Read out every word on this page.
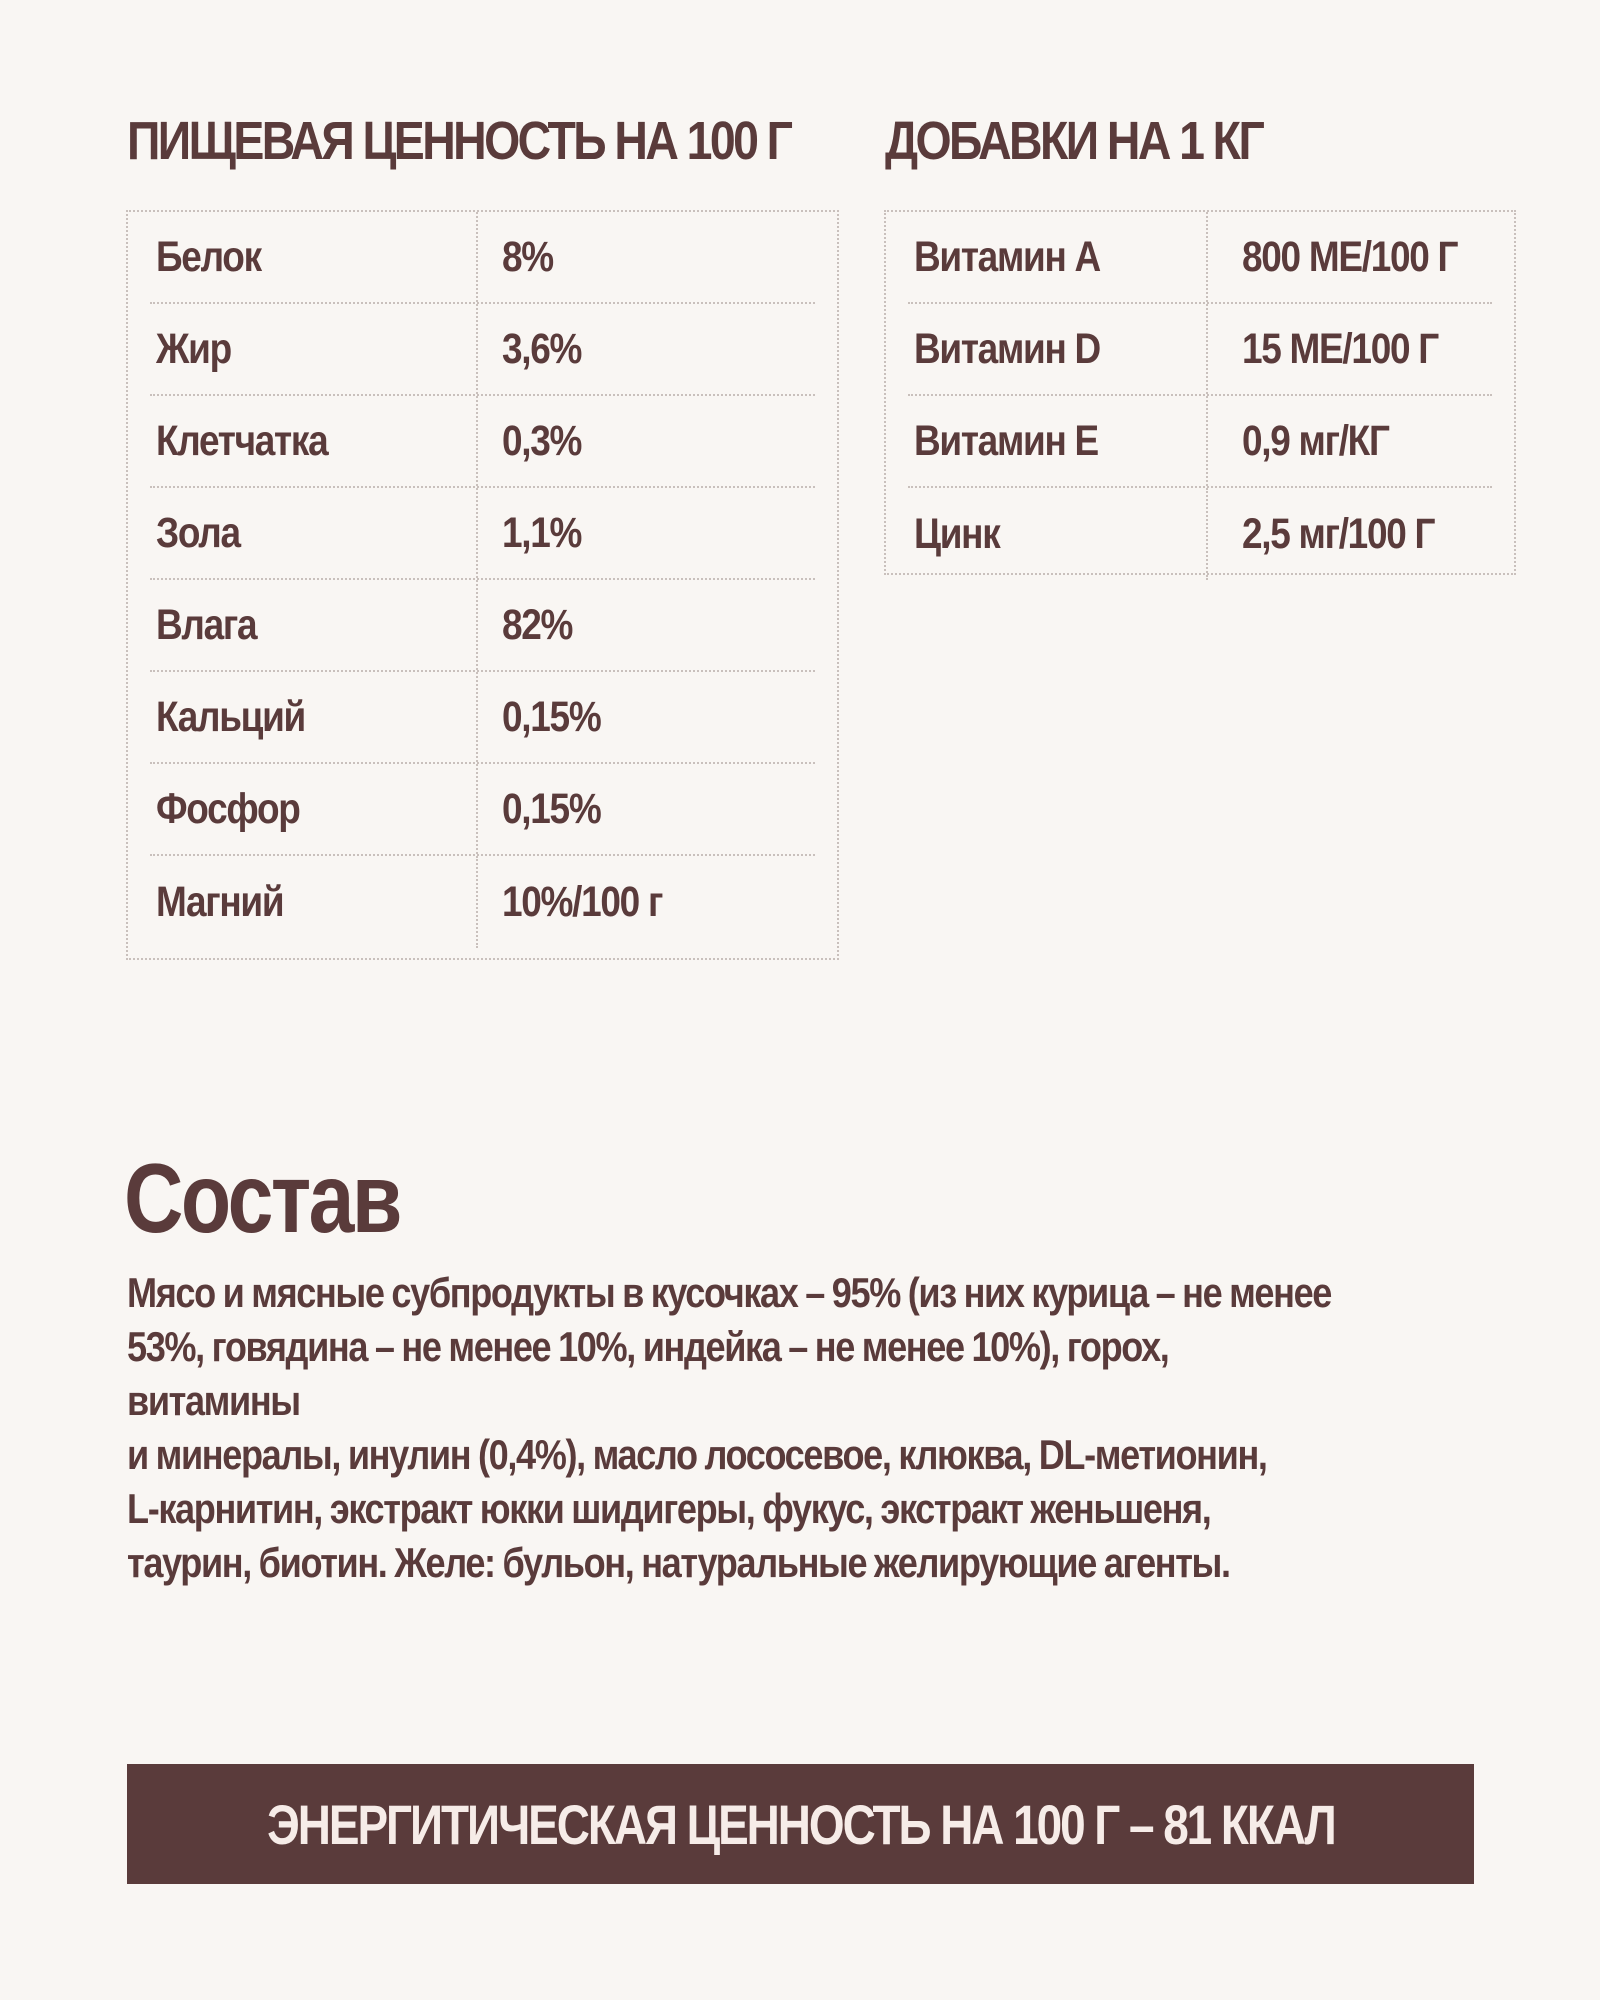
ПИЩЕВАЯ ЦЕННОСТЬ НА 100 Г ДОБАВКИ НА 1 КГ
Белок	8%
Жир	3,6%
Клетчатка	0,3%
Зола	1,1%
Влага	82%
Кальций	0,15%
Фосфор	0,15%
Магний	10%/100 г
Витамин А	800 МЕ/100 Г
Витамин D	15 МЕ/100 Г
Витамин Е	0,9 мг/КГ
Цинк	2,5 мг/100 Г
Состав

Мясо и мясные субпродукты в кусочках – 95% (из них курица – не менее
53%, говядина – не менее 10%, индейка – не менее 10%), горох, витамины
и минералы, инулин (0,4%), масло лососевое, клюква, DL-метионин,
L-карнитин, экстракт юкки шидигеры, фукус, экстракт женьшеня,
таурин, биотин. Желе: бульон, натуральные желирующие агенты.

ЭНЕРГИТИЧЕСКАЯ ЦЕННОСТЬ НА 100 Г – 81 ККАЛ
